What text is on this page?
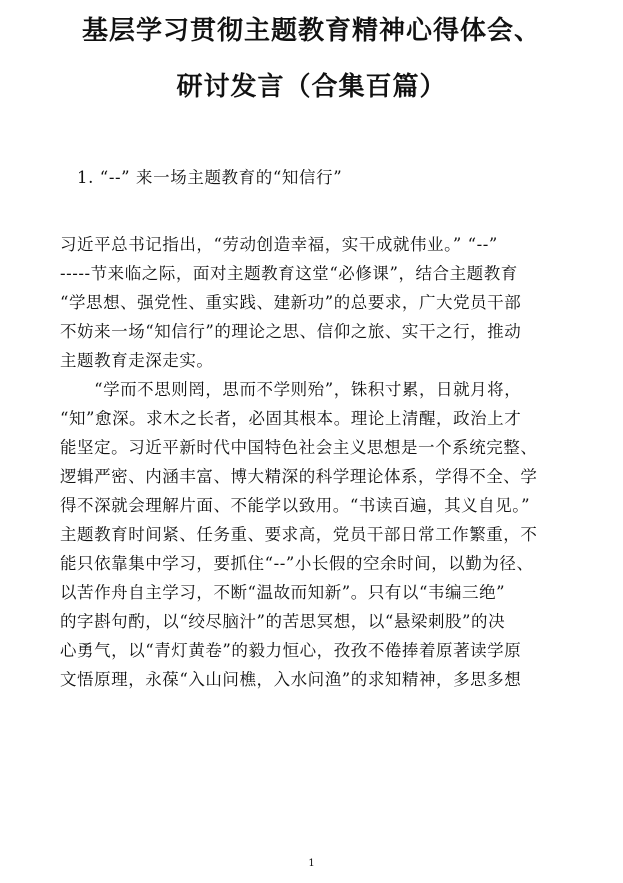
基层学习贯彻主题教育精神心得体会、
研讨发言（合集百篇）
1. “--” 来一场主题教育的“知信行”
习近平总书记指出，“劳动创造幸福，实干成就伟业。” “--”
-----节来临之际，面对主题教育这堂“必修课”，结合主题教育
“学思想、强党性、重实践、建新功”的总要求，广大党员干部
不妨来一场“知信行”的理论之思、信仰之旅、实干之行，推动
主题教育走深走实。
　　“学而不思则罔，思而不学则殆”，铢积寸累，日就月将，
“知”愈深。求木之长者，必固其根本。理论上清醒，政治上才
能坚定。习近平新时代中国特色社会主义思想是一个系统完整、
逻辑严密、内涵丰富、博大精深的科学理论体系，学得不全、学
得不深就会理解片面、不能学以致用。“书读百遍，其义自见。”
主题教育时间紧、任务重、要求高，党员干部日常工作繁重，不
能只依靠集中学习，要抓住“--”小长假的空余时间，以勤为径、
以苦作舟自主学习，不断“温故而知新”。只有以“韦编三绝”
的字斟句酌，以“绞尽脑汁”的苦思冥想，以“悬梁刺股”的决
心勇气，以“青灯黄卷”的毅力恒心，孜孜不倦捧着原著读学原
文悟原理，永葆“入山问樵，入水问渔”的求知精神，多思多想
1
